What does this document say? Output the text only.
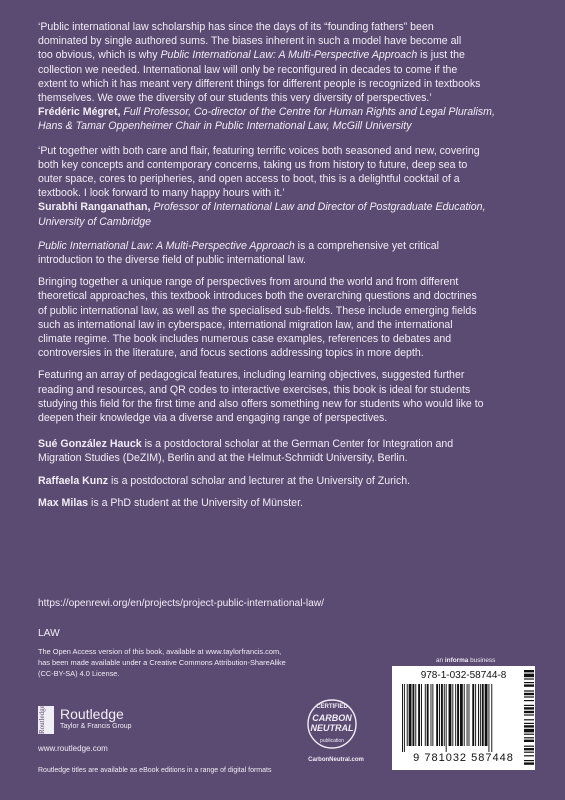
‘Public international law scholarship has since the days of its “founding fathers” been
dominated by single authored sums. The biases inherent in such a model have become all
too obvious, which is why Public International Law: A Multi-Perspective Approach is just the
collection we needed. International law will only be reconfigured in decades to come if the
extent to which it has meant very different things for different people is recognized in textbooks
themselves. We owe the diversity of our students this very diversity of perspectives.’

Frédéric Mégret, Full Professor, Co-director of the Centre for Human Rights and Legal Pluralism,
Hans & Tamar Oppenheimer Chair in Public International Law, McGill University

‘Put together with both care and flair, featuring terrific voices both seasoned and new, covering
both key concepts and contemporary concerns, taking us from history to future, deep sea to
outer space, cores to peripheries, and open access to boot, this is a delightful cocktail of a
textbook. I look forward to many happy hours with it.’

Surabhi Ranganathan, Professor of International Law and Director of Postgraduate Education,
University of Cambridge

Public International Law: A Multi-Perspective Approach is a comprehensive yet critical
introduction to the diverse field of public international law.

Bringing together a unique range of perspectives from around the world and from different
theoretical approaches, this textbook introduces both the overarching questions and doctrines
of public international law, as well as the specialised sub-fields. These include emerging fields
such as international law in cyberspace, international migration law, and the international
climate regime. The book includes numerous case examples, references to debates and
controversies in the literature, and focus sections addressing topics in more depth.

Featuring an array of pedagogical features, including learning objectives, suggested further
reading and resources, and QR codes to interactive exercises, this book is ideal for students
studying this field for the first time and also offers something new for students who would like to
deepen their knowledge via a diverse and engaging range of perspectives.

Sué González Hauck is a postdoctoral scholar at the German Center for Integration and
Migration Studies (DeZIM), Berlin and at the Helmut-Schmidt University, Berlin.

Raffaela Kunz is a postdoctoral scholar and lecturer at the University of Zurich.

Max Milas is a PhD student at the University of Münster.

https://openrewi.org/en/projects/project-public-international-law/
LAW
The Open Access version of this book, available at www.taylorfrancis.com,
has been made available under a Creative Commons Attribution-ShareAlike
(CC-BY-SA) 4.0 License.
Routledge	Routledge
Taylor & Francis Group
www.routledge.com
Routledge titles are available as eBook editions in a range of digital formats
CERTIFIED
CARBON
NEUTRAL
publication
CarbonNeutral.com
an informa business
978-1-032-58744-8
9 781032 587448
